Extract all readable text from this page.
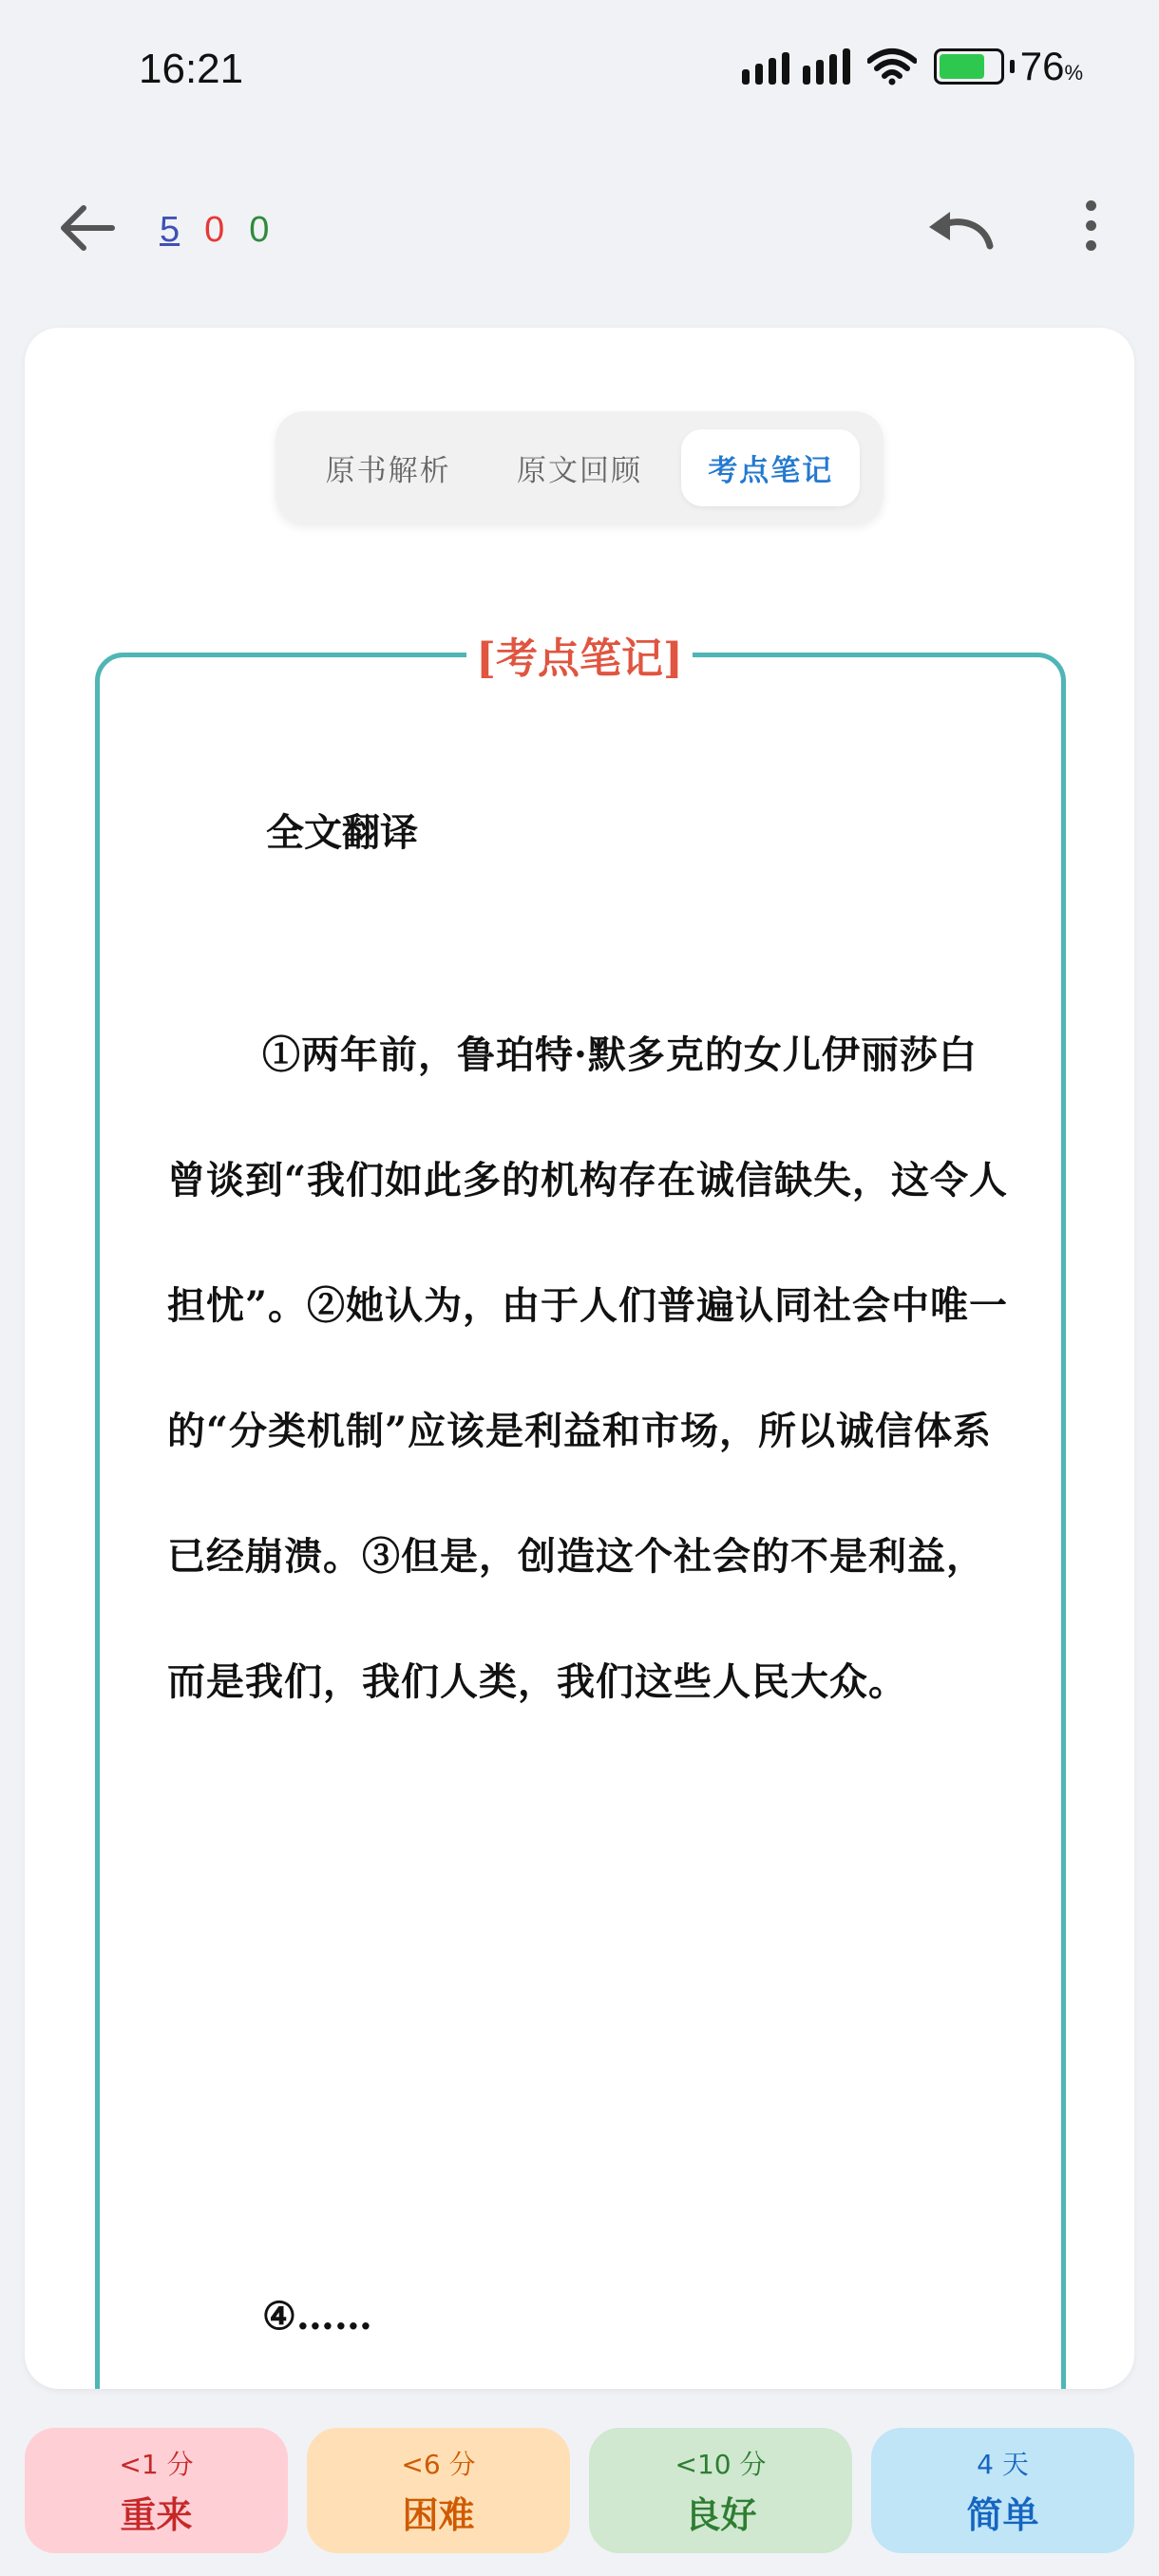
16:21	76%
5 0 0
原书解析	原文回顾	考点笔记
[考点笔记]
全文翻译
①两年前，鲁珀特·默多克的女儿伊丽莎白曾谈到“我们如此多的机构存在诚信缺失，这令人担忧”。②她认为，由于人们普遍认同社会中唯一的“分类机制”应该是利益和市场，所以诚信体系已经崩溃。③但是，创造这个社会的不是利益，而是我们，我们人类，我们这些人民大众。
④……
<1 分
重来
<6 分
困难
<10 分
良好
4 天
简单
